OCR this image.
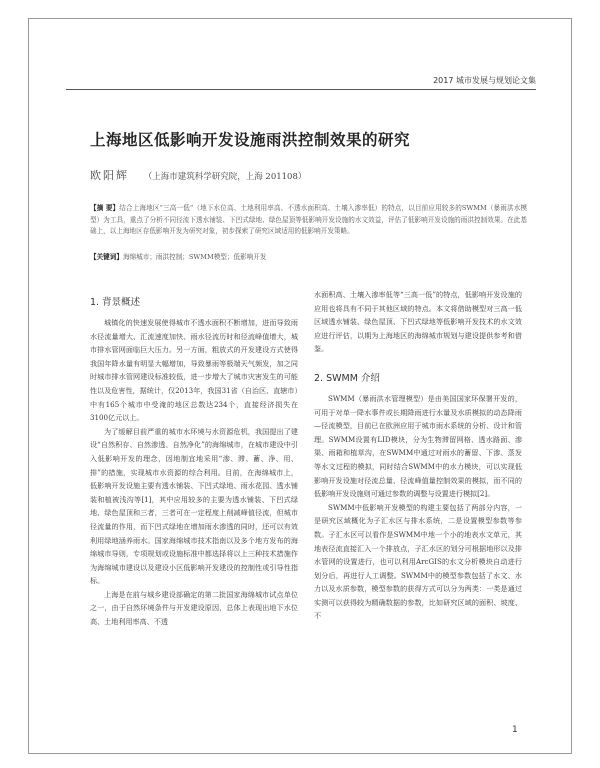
2017 城市发展与规划论文集
上海地区低影响开发设施雨洪控制效果的研究
欧阳辉 （上海市建筑科学研究院，上海 201108）

【摘 要】结合上海地区“三高一低”（地下水位高、土地利用率高、不透水面积高、土壤入渗率低）的特点，以目前应用较多的SWMM（暴雨洪水模型）为工具，重点了分析不同径流下透水铺装、下凹式绿地、绿色屋顶等低影响开发设施的水文效益，评估了低影响开发设施的雨洪控制效果。在此基础上，以上海地区存低影响开发为研究对象，初步探索了研究区域适用的低影响开发策略。

【关键词】海绵城市；雨洪控制；SWMM模型；低影响开发

1. 背景概述

城镇化的快速发展使得城市不透水面积不断增加，进而导致雨水径流量增大、汇流速度加快、雨水径流历时和径流峰值增大，城市排水管网面临巨大压力。另一方面，粗放式的开发建设方式使得我国年降水量有明显大幅增加，导致暴雨等极端天气频发，加之同时城市排水管网建设标准较低，进一步增大了城市灾害发生的可能性以及危害性，据统计，仅2013年，我国31省（自治区、直辖市）中有165个城市中受淹的地区总数达234个，直接经济损失在3100亿元以上。

为了缓解目前严重的城市水环境与水资源危机，我国提出了建设“自然积存、自然渗透、自然净化”的海绵城市，在城市建设中引入低影响开发的理念，因地制宜地采用“渗、滞、蓄、净、用、排”的措施，实现城市水资源的综合利用。目前，在海绵城市上，低影响开发设施主要有透水铺装、下凹式绿地、雨水花园、透水铺装和植被浅沟等[1]，其中应用较多的主要为透水铺装、下凹式绿地、绿色屋顶和三者，三者可在一定程度上削减峰值径流，但城市径流量的作用，而下凹式绿地在增加雨水渗透的同时，还可以有效利用绿地涵养雨水。国家海绵城市技术指南以及多个地方发布的海绵城市导则，专项规划或设施标准中都选择将以上三种技术措施作为海绵城市建设以及建设小区低影响开发建设的控制性或引导性指标。

上海是在前与城乡建设部确定的第二批国家海绵城市试点单位之一，由于自然环境条件与开发建设原因，总体上表现出地下水位高、土地利用率高、不透

水面积高、土壤入渗率低等“三高一低”的特点，低影响开发设施的应用也将具有不同于其他区域的特点。本文将借助模型对三高一低区域透水铺装、绿色屋顶、下凹式绿地等低影响开发技术的水文效应进行评估，以期为上海地区的海绵城市规划与建设提供参考和借鉴。

2. SWMM 介绍

SWMM（暴雨洪水管理模型）是由美国国家环保署开发的，可用于对单一降水事件或长期降雨进行水量及水质模拟的动态降雨—径流模型，目前已在欧洲应用于城市雨水系统的分析、设计和管理。SWMM设置有LID模块，分为生物滞留网格、透水路面、渗渠、雨箱和植草沟，在SWMM中通过对雨水的蓄留、下渗、蒸发等水文过程的模拟，同时结合SWMM中的水力模块，可以实现低影响开发设施对径流总量、径流峰值量控制效果的模拟，而不同的低影响开发设施则可通过参数的调整与设置进行模拟[2]。

SWMM中低影响开发模型的构建主要包括了两部分内容，一是研究区域概化为子汇水区与排水系统，二是设置模型参数等参数。子汇水区可以看作是SWMM中地一个小的地表水文单元，其地表径流直接汇入一个排放点，子汇水区的划分可根据地形以及排水管网的设置进行，也可以利用ArcGIS的水文分析模块自动进行划分后，再进行人工调整。SWMM中的模型参数包括了水文、水力以及水质参数，模型参数的获得方式可以分为两类：一类是通过实测可以获得较为精确数据的参数，比如研究区域的面积、坡度、不

1
